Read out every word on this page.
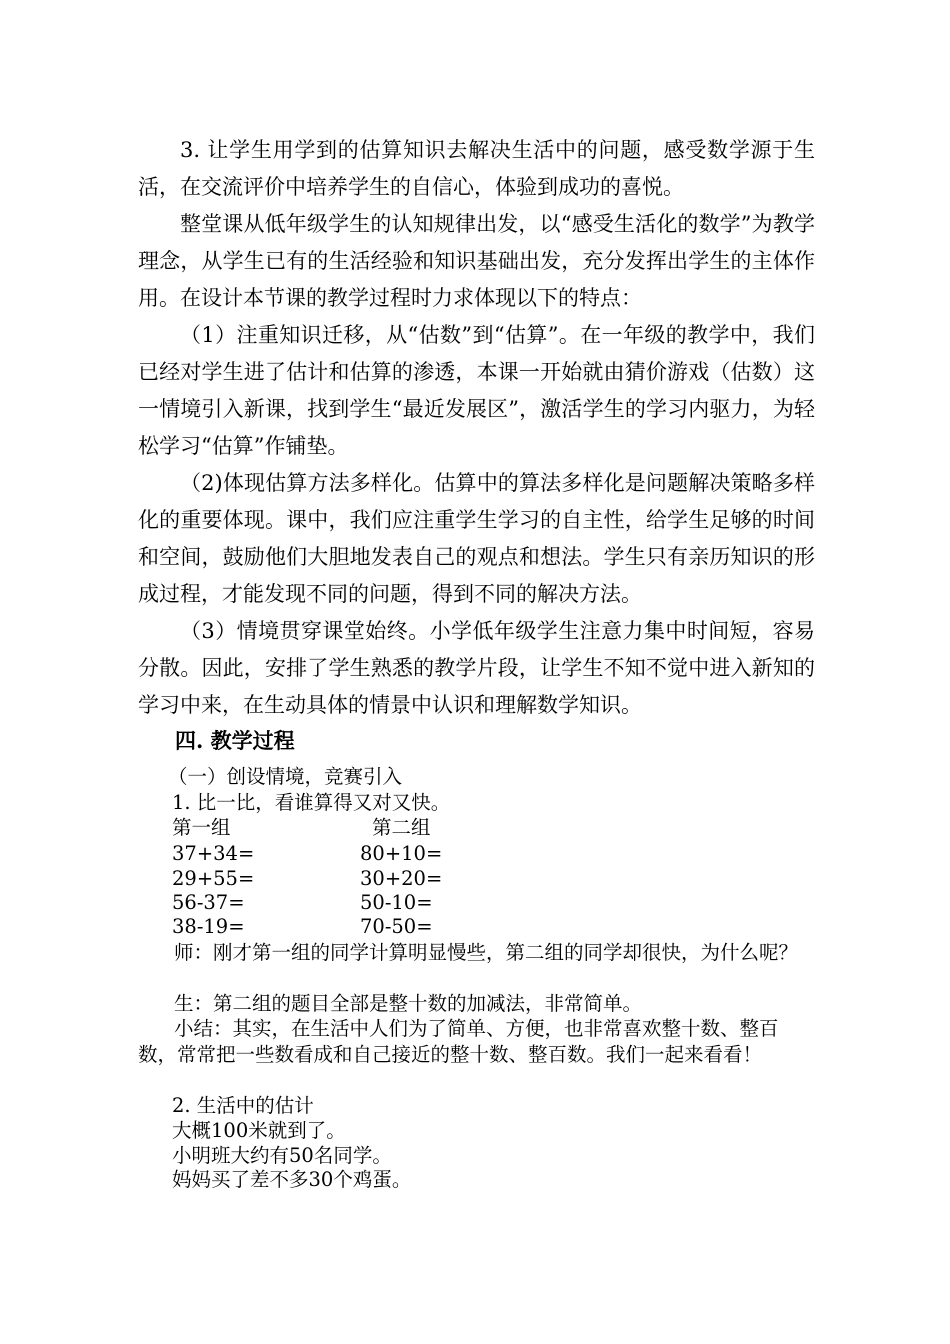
3. 让学生用学到的估算知识去解决生活中的问题，感受数学源于生活，在交流评价中培养学生的自信心，体验到成功的喜悦。

整堂课从低年级学生的认知规律出发，以“感受生活化的数学”为教学理念，从学生已有的生活经验和知识基础出发，充分发挥出学生的主体作用。在设计本节课的教学过程时力求体现以下的特点：

（1）注重知识迁移，从“估数”到“估算”。在一年级的教学中，我们已经对学生进了估计和估算的渗透，本课一开始就由猜价游戏（估数）这一情境引入新课，找到学生“最近发展区”，激活学生的学习内驱力，为轻松学习“估算”作铺垫。

（2)体现估算方法多样化。估算中的算法多样化是问题解决策略多样化的重要体现。课中，我们应注重学生学习的自主性，给学生足够的时间和空间，鼓励他们大胆地发表自己的观点和想法。学生只有亲历知识的形成过程，才能发现不同的问题，得到不同的解决方法。

（3）情境贯穿课堂始终。小学低年级学生注意力集中时间短，容易分散。因此，安排了学生熟悉的教学片段，让学生不知不觉中进入新知的学习中来，在生动具体的情景中认识和理解数学知识。

四. 教学过程

（一）创设情境，竞赛引入

1. 比一比，看谁算得又对又快。

第一组	第二组

37+34=	80+10=

29+55=	30+20=

56-37=	50-10=

38-19=	70-50=

师：刚才第一组的同学计算明显慢些，第二组的同学却很快，为什么呢？

生：第二组的题目全部是整十数的加减法，非常简单。

小结：其实，在生活中人们为了简单、方便，也非常喜欢整十数、整百数，常常把一些数看成和自己接近的整十数、整百数。我们一起来看看！

2. 生活中的估计

大概100米就到了。

小明班大约有50名同学。

妈妈买了差不多30个鸡蛋。
